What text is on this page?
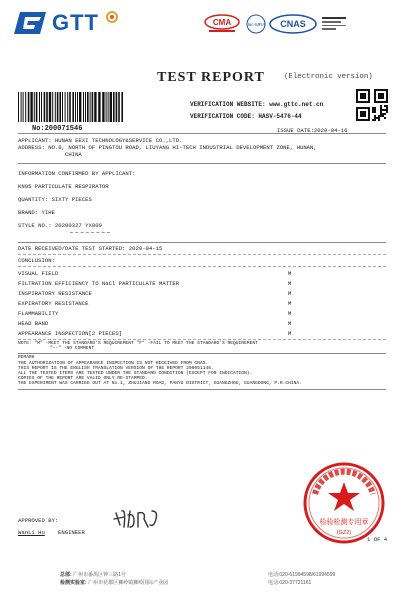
GTT	CMA	ilac-MRA CNAS
TEST REPORT	(Electronic version)
VERIFICATION WEBSITE: www.gttc.net.cn
VERIFICATION CODE: HASV-5476-44
No:200071546	ISSUE DATE:2020-04-16
APPLICANT: HUNAN EEXI TECHNOLOGY&SERVICE CO.,LTD.
ADDRESS: NO.6, NORTH OF PINGTOU ROAD, LIUYANG HI-TECH INDUSTRIAL DEVELOPMENT ZONE, HUNAN,
CHINA
INFORMATION CONFIRMED BY APPLICANT:
KN95 PARTICULATE RESPIRATOR
QUANTITY: SIXTY PIECES
BRAND: YIHE
STYLE NO.: 20200327 YX009
DATE RECEIVED/DATE TEST STARTED: 2020-04-15
CONCLUSION:
VISUAL FIELD	M
FILTRATION EFFICIENCY TO NaCl PARTICULATE MATTER	M
INSPIRATORY RESISTANCE	M
EXPIRATORY RESISTANCE	M
FLAMMABILITY	M
HEAD BAND	M
APPEARANCE INSPECTION[2 PIECES]	M
NOTE: "M" -MEET THE STANDARD'S REQUIREMENT "F" -FAIL TO MEET THE STANDARD'S REQUIREMENT
"--" -NO COMMENT
REMARK
THE AUTHORIZATION OF APPEARANCE INSPECTION IS NOT RECEIVED FROM CNAS.
THIS REPORT IS THE ENGLISH TRANSLATION VERSION OF THE REPORT 200051146.
ALL THE TESTED ITEMS ARE TESTED UNDER THE STANDARD CONDITION (EXCEPT FOR INDICATION).
COPIES OF THE REPORT ARE VALID ONLY RE-STAMPED.
THE EXPERIMENT WAS CARRIED OUT AT No.1, ZHUJIANG ROAD, PANYU DISTRICT, GUANGZHOU, GUANGDONG, P.R.CHINA.
APPROVED BY:
WanLi Hu ENGINEER
检验检测专用章
(GZ2)
1 OF 4
总部: 广州市番禺区钟三路1号
检测实验室: 广州市花都区狮岭镇狮岭国际产业园
电话:020-61994598/61994599
电话:020-37721161
